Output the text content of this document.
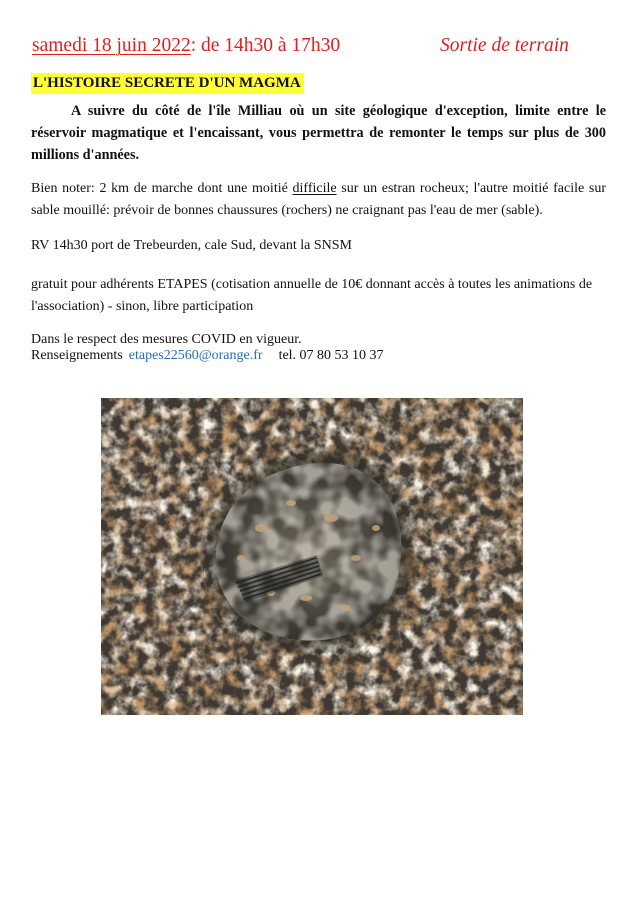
samedi 18 juin 2022: de 14h30 à 17h30	Sortie de terrain
L'HISTOIRE SECRETE D'UN MAGMA

A suivre du côté de l'île Milliau où un site géologique d'exception, limite entre le réservoir magmatique et l'encaissant, vous permettra de remonter le temps sur plus de 300 millions d'années.

Bien noter: 2 km de marche dont une moitié difficile sur un estran rocheux; l'autre moitié facile sur sable mouillé: prévoir de bonnes chaussures (rochers) ne craignant pas l'eau de mer (sable).

RV 14h30 port de Trebeurden, cale Sud, devant la SNSM

gratuit pour adhérents ETAPES (cotisation annuelle de 10€ donnant accès à toutes les animations de l'association) - sinon, libre participation

Dans le respect des mesures COVID en vigueur.

Renseignements etapes22560@orange.fr tel. 07 80 53 10 37
